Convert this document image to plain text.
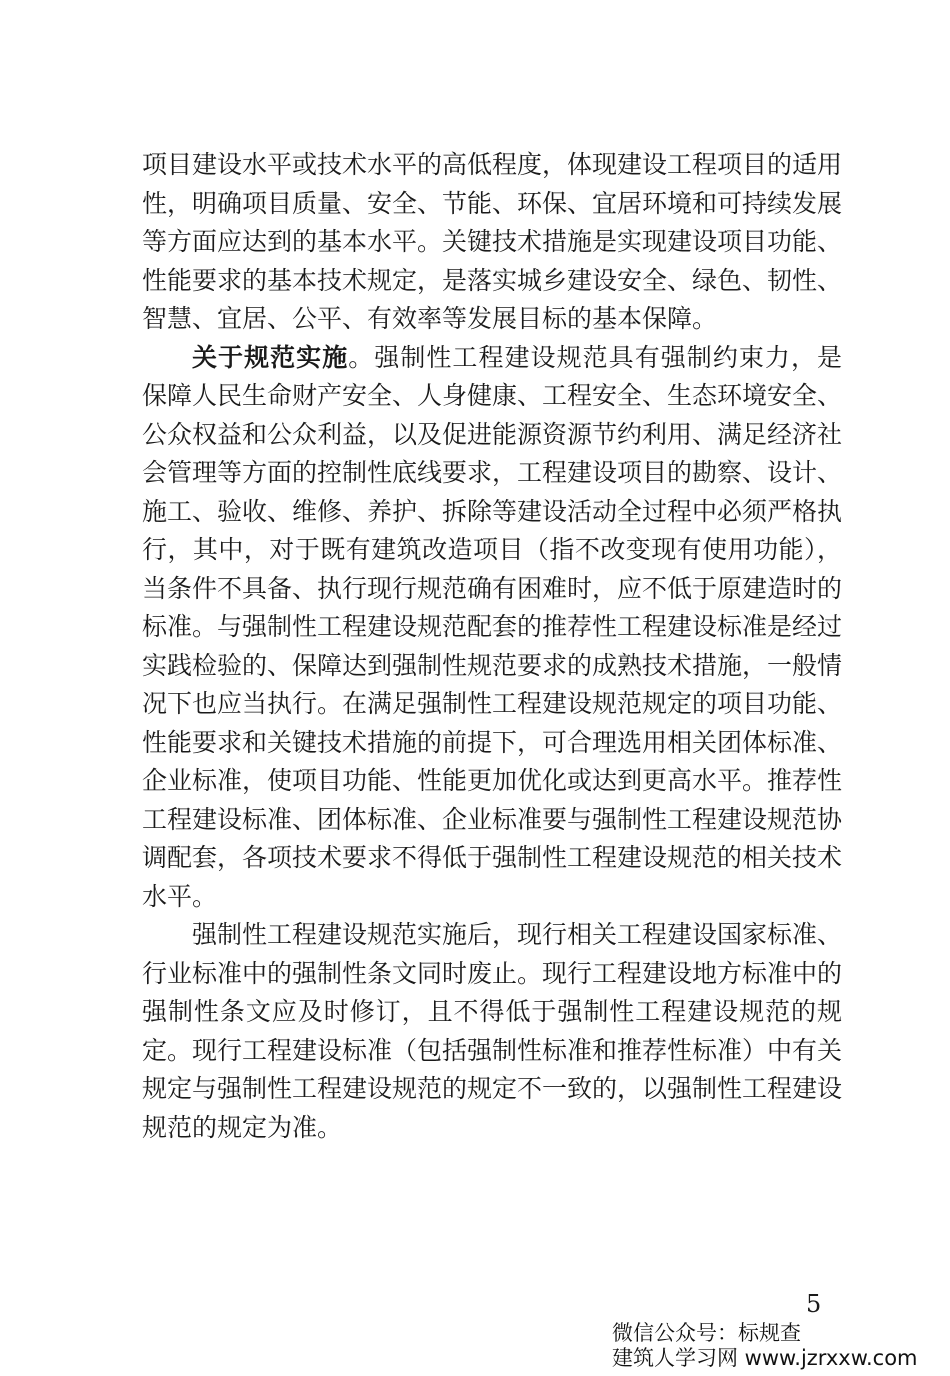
项目建设水平或技术水平的高低程度，体现建设工程项目的适用性，明确项目质量、安全、节能、环保、宜居环境和可持续发展等方面应达到的基本水平。关键技术措施是实现建设项目功能、性能要求的基本技术规定，是落实城乡建设安全、绿色、韧性、智慧、宜居、公平、有效率等发展目标的基本保障。

关于规范实施。强制性工程建设规范具有强制约束力，是保障人民生命财产安全、人身健康、工程安全、生态环境安全、公众权益和公众利益，以及促进能源资源节约利用、满足经济社会管理等方面的控制性底线要求，工程建设项目的勘察、设计、施工、验收、维修、养护、拆除等建设活动全过程中必须严格执行，其中，对于既有建筑改造项目（指不改变现有使用功能），当条件不具备、执行现行规范确有困难时，应不低于原建造时的标准。与强制性工程建设规范配套的推荐性工程建设标准是经过实践检验的、保障达到强制性规范要求的成熟技术措施，一般情况下也应当执行。在满足强制性工程建设规范规定的项目功能、性能要求和关键技术措施的前提下，可合理选用相关团体标准、企业标准，使项目功能、性能更加优化或达到更高水平。推荐性工程建设标准、团体标准、企业标准要与强制性工程建设规范协调配套，各项技术要求不得低于强制性工程建设规范的相关技术水平。

强制性工程建设规范实施后，现行相关工程建设国家标准、行业标准中的强制性条文同时废止。现行工程建设地方标准中的强制性条文应及时修订，且不得低于强制性工程建设规范的规定。现行工程建设标准（包括强制性标准和推荐性标准）中有关规定与强制性工程建设规范的规定不一致的，以强制性工程建设规范的规定为准。

5
微信公众号：标规查
建筑人学习网 www.jzrxxw.com
